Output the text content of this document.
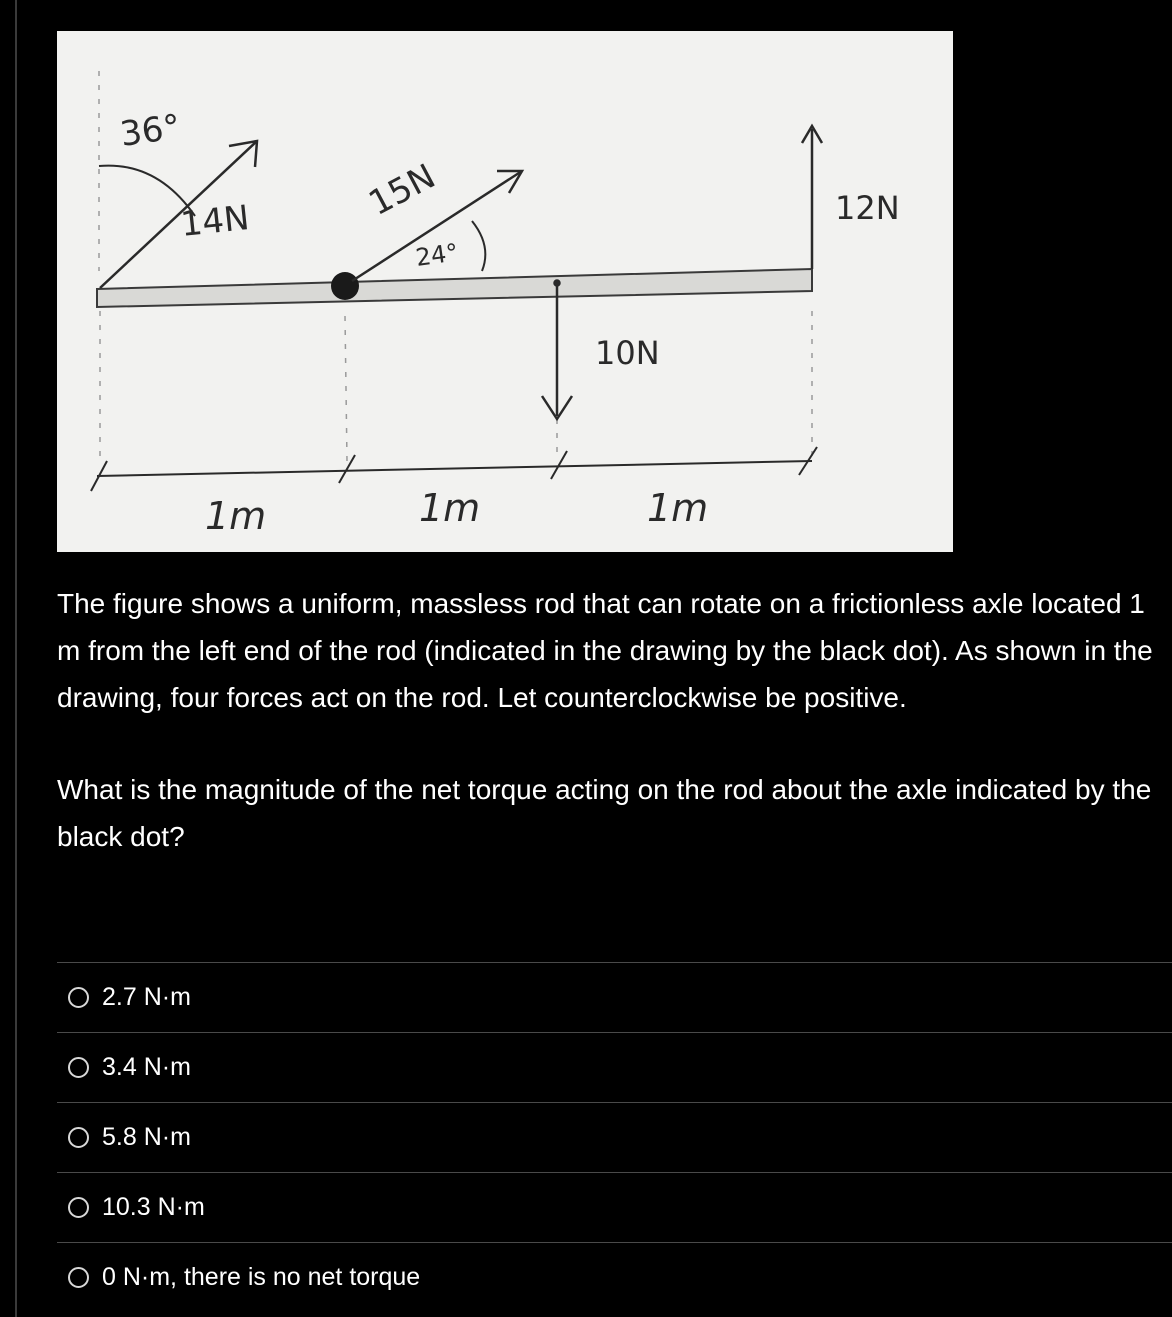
36°
14N	15N
24°
10N
12N
1m	1m	1m

The figure shows a uniform, massless rod that can rotate on a frictionless axle located 1 m from the left end of the rod (indicated in the drawing by the black dot). As shown in the drawing, four forces act on the rod. Let counterclockwise be positive.

What is the magnitude of the net torque acting on the rod about the axle indicated by the black dot?

2.7 N·m
3.4 N·m
5.8 N·m
10.3 N·m
0 N·m, there is no net torque
